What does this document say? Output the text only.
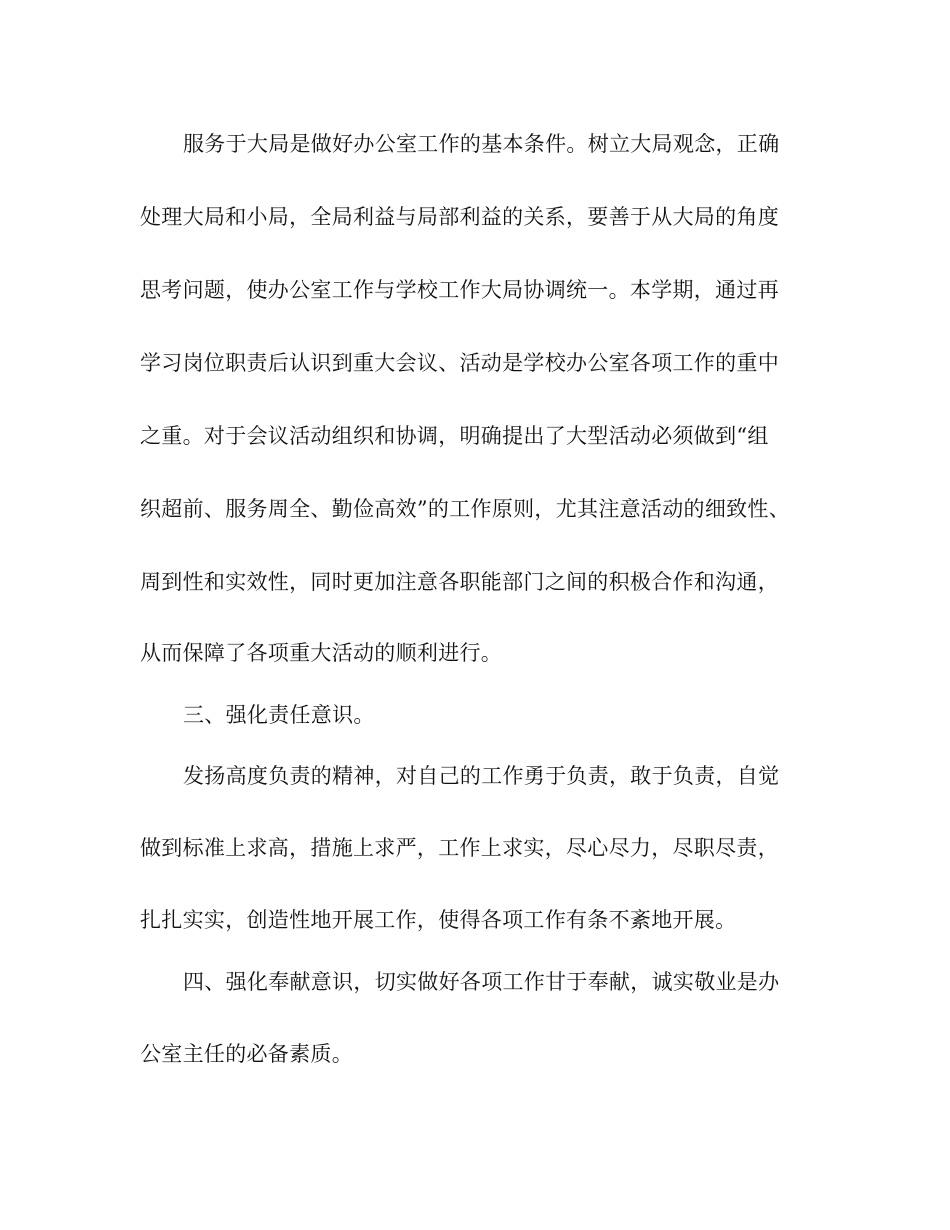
服务于大局是做好办公室工作的基本条件。树立大局观念，正确
处理大局和小局，全局利益与局部利益的关系，要善于从大局的角度
思考问题，使办公室工作与学校工作大局协调统一。本学期，通过再
学习岗位职责后认识到重大会议、活动是学校办公室各项工作的重中
之重。对于会议活动组织和协调，明确提出了大型活动必须做到“组
织超前、服务周全、勤俭高效”的工作原则，尤其注意活动的细致性、
周到性和实效性，同时更加注意各职能部门之间的积极合作和沟通，
从而保障了各项重大活动的顺利进行。
三、强化责任意识。
发扬高度负责的精神，对自己的工作勇于负责，敢于负责，自觉
做到标准上求高，措施上求严，工作上求实，尽心尽力，尽职尽责，
扎扎实实，创造性地开展工作，使得各项工作有条不紊地开展。
四、强化奉献意识，切实做好各项工作甘于奉献，诚实敬业是办
公室主任的必备素质。
